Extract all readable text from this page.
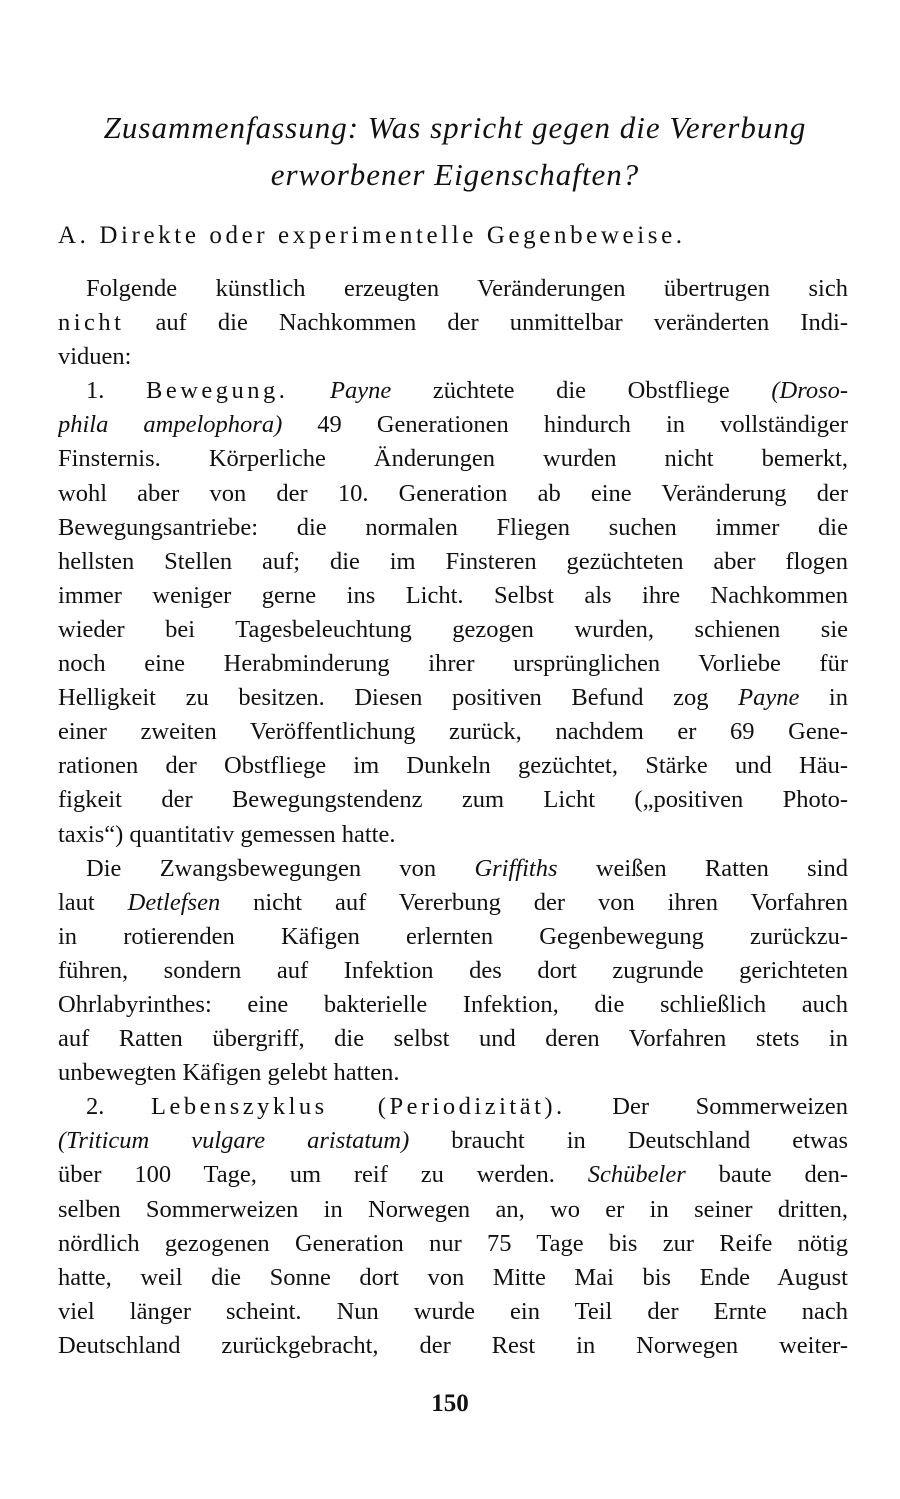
Zusammenfassung: Was spricht gegen die Vererbung
erworbener Eigenschaften?
A. Direkte oder experimentelle Gegenbeweise.
Folgende künstlich erzeugten Veränderungen übertrugen sich
nicht auf die Nachkommen der unmittelbar veränderten Indi-
viduen:
1. Bewegung. Payne züchtete die Obstfliege (Droso-
phila ampelophora) 49 Generationen hindurch in vollständiger
Finsternis. Körperliche Änderungen wurden nicht bemerkt,
wohl aber von der 10. Generation ab eine Veränderung der
Bewegungsantriebe: die normalen Fliegen suchen immer die
hellsten Stellen auf; die im Finsteren gezüchteten aber flogen
immer weniger gerne ins Licht. Selbst als ihre Nachkommen
wieder bei Tagesbeleuchtung gezogen wurden, schienen sie
noch eine Herabminderung ihrer ursprünglichen Vorliebe für
Helligkeit zu besitzen. Diesen positiven Befund zog Payne in
einer zweiten Veröffentlichung zurück, nachdem er 69 Gene-
rationen der Obstfliege im Dunkeln gezüchtet, Stärke und Häu-
figkeit der Bewegungstendenz zum Licht („positiven Photo-
taxis“) quantitativ gemessen hatte.
Die Zwangsbewegungen von Griffiths weißen Ratten sind
laut Detlefsen nicht auf Vererbung der von ihren Vorfahren
in rotierenden Käfigen erlernten Gegenbewegung zurückzu-
führen, sondern auf Infektion des dort zugrunde gerichteten
Ohrlabyrinthes: eine bakterielle Infektion, die schließlich auch
auf Ratten übergriff, die selbst und deren Vorfahren stets in
unbewegten Käfigen gelebt hatten.
2. Lebenszyklus (Periodizität). Der Sommerweizen
(Triticum vulgare aristatum) braucht in Deutschland etwas
über 100 Tage, um reif zu werden. Schübeler baute den-
selben Sommerweizen in Norwegen an, wo er in seiner dritten,
nördlich gezogenen Generation nur 75 Tage bis zur Reife nötig
hatte, weil die Sonne dort von Mitte Mai bis Ende August
viel länger scheint. Nun wurde ein Teil der Ernte nach
Deutschland zurückgebracht, der Rest in Norwegen weiter-
150
